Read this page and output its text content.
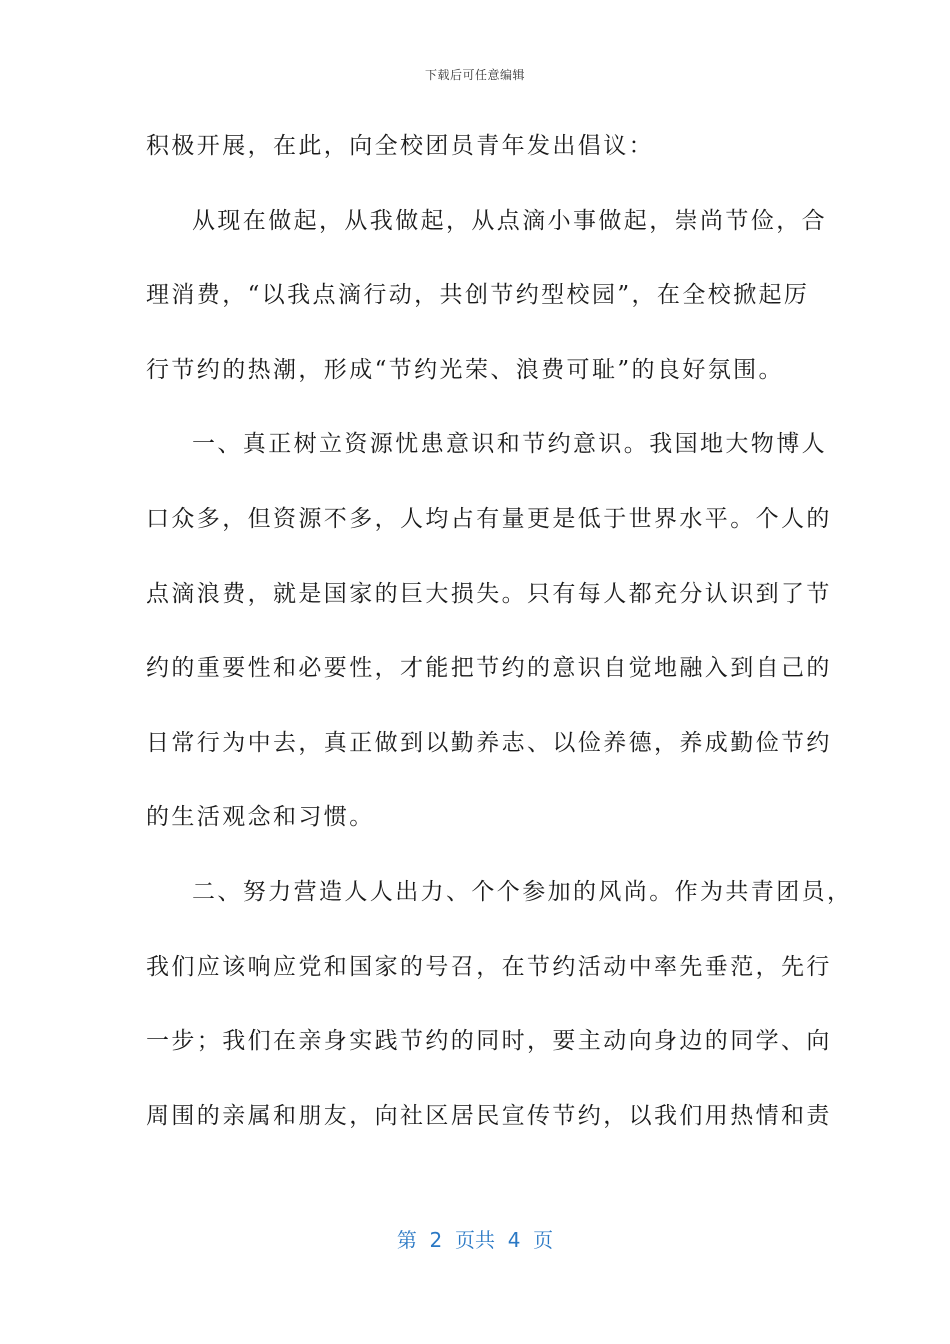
下载后可任意编辑
积极开展，在此，向全校团员青年发出倡议：
从现在做起，从我做起，从点滴小事做起，崇尚节俭，合
理消费，“以我点滴行动，共创节约型校园”，在全校掀起厉
行节约的热潮，形成“节约光荣、浪费可耻”的良好氛围。
一、真正树立资源忧患意识和节约意识。我国地大物博人
口众多，但资源不多，人均占有量更是低于世界水平。个人的
点滴浪费，就是国家的巨大损失。只有每人都充分认识到了节
约的重要性和必要性，才能把节约的意识自觉地融入到自己的
日常行为中去，真正做到以勤养志、以俭养德，养成勤俭节约
的生活观念和习惯。
二、努力营造人人出力、个个参加的风尚。作为共青团员，
我们应该响应党和国家的号召，在节约活动中率先垂范，先行
一步；我们在亲身实践节约的同时，要主动向身边的同学、向
周围的亲属和朋友，向社区居民宣传节约，以我们用热情和责
第  2  页共  4  页
